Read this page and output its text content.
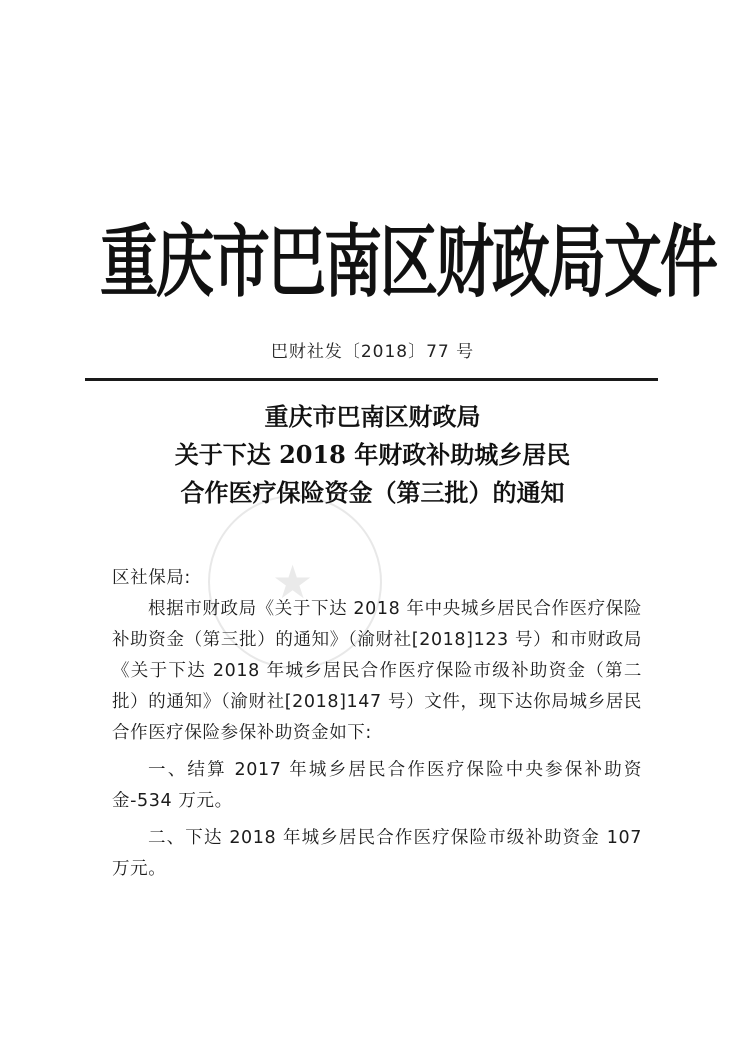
重庆市巴南区财政局文件
巴财社发〔2018〕77 号
★
重庆市巴南区财政局
关于下达 2018 年财政补助城乡居民
合作医疗保险资金（第三批）的通知

区社保局:

根据市财政局《关于下达 2018 年中央城乡居民合作医疗保险补助资金（第三批）的通知》（渝财社[2018]123 号）和市财政局《关于下达 2018 年城乡居民合作医疗保险市级补助资金（第二批）的通知》（渝财社[2018]147 号）文件，现下达你局城乡居民合作医疗保险参保补助资金如下:

一、结算 2017 年城乡居民合作医疗保险中央参保补助资金-534 万元。

二、下达 2018 年城乡居民合作医疗保险市级补助资金 107 万元。
